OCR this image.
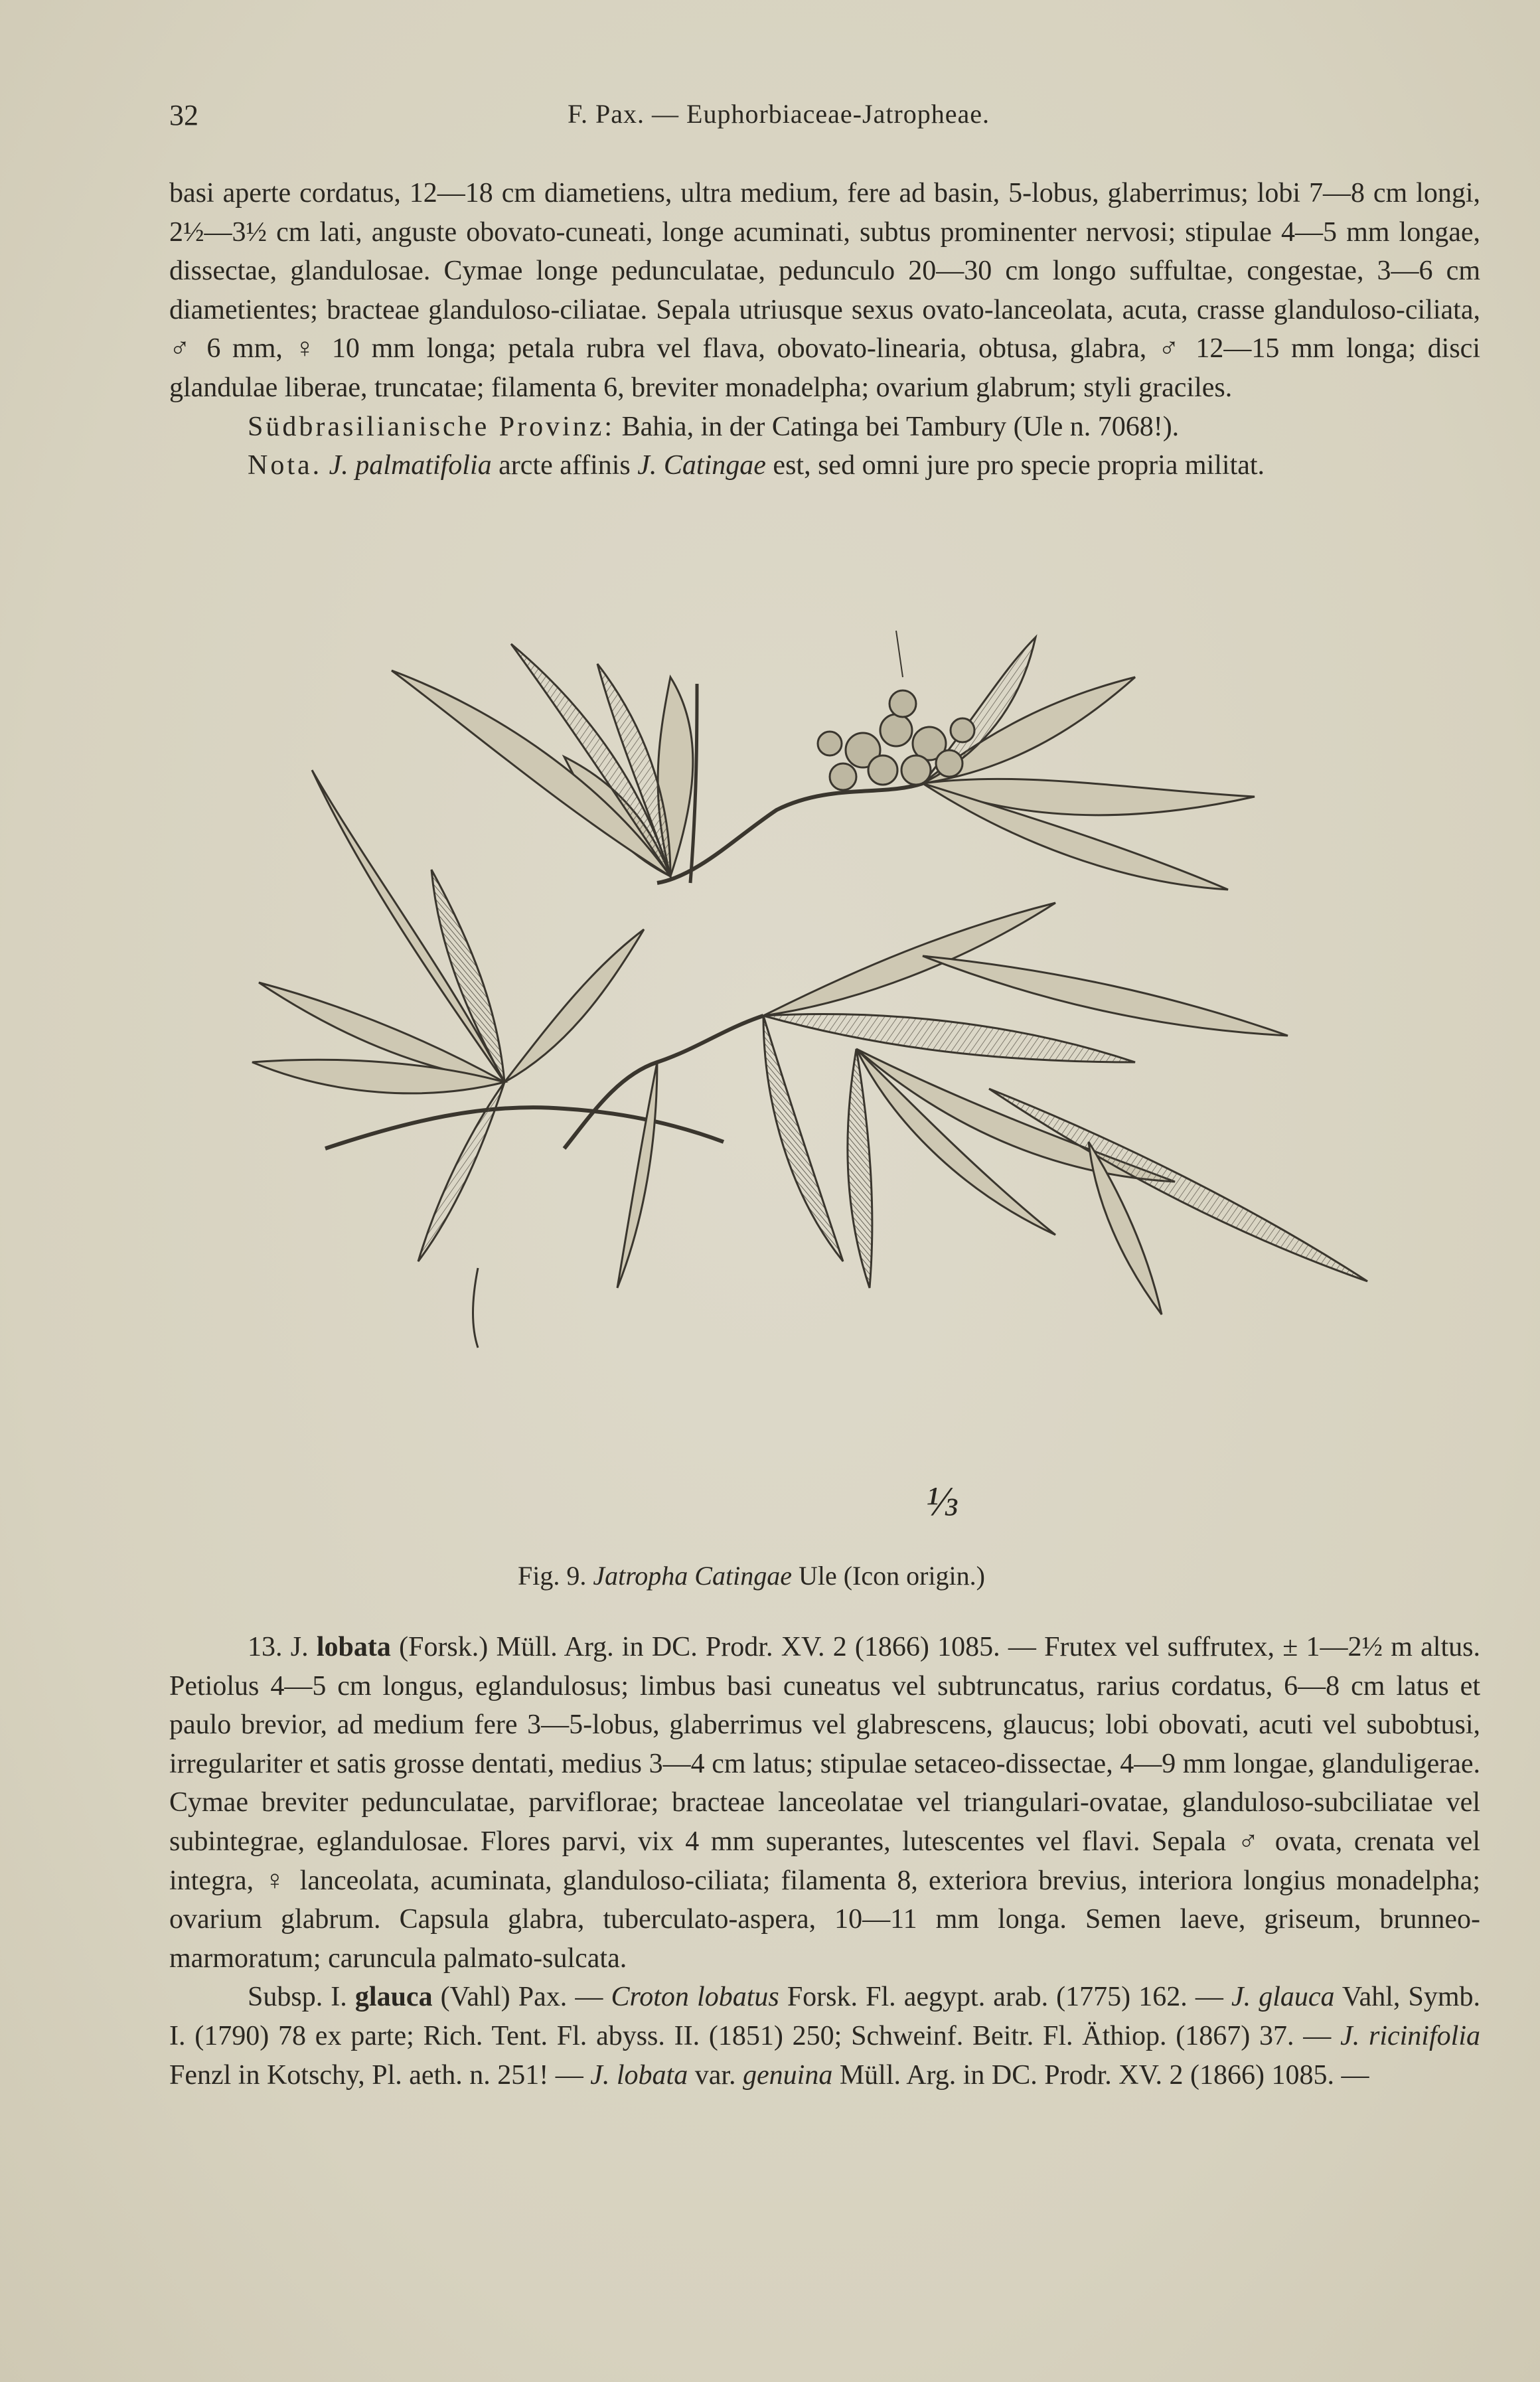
32	F. Pax. — Euphorbiaceae-Jatropheae.

basi aperte cordatus, 12—18 cm diametiens, ultra medium, fere ad basin, 5-lobus, glaberrimus; lobi 7—8 cm longi, 2½—3½ cm lati, anguste obovato-cuneati, longe acuminati, subtus prominenter nervosi; stipulae 4—5 mm longae, dissectae, glandulosae. Cymae longe pedunculatae, pedunculo 20—30 cm longo suffultae, congestae, 3—6 cm diametientes; bracteae glanduloso-ciliatae. Sepala utriusque sexus ovato-lanceolata, acuta, crasse glanduloso-ciliata, ♂ 6 mm, ♀ 10 mm longa; petala rubra vel flava, obovato-linearia, obtusa, glabra, ♂ 12—15 mm longa; disci glandulae liberae, truncatae; filamenta 6, breviter monadelpha; ovarium glabrum; styli graciles.

Südbrasilianische Provinz: Bahia, in der Catinga bei Tambury (Ule n. 7068!).

Nota. J. palmatifolia arcte affinis J. Catingae est, sed omni jure pro specie propria militat.

⅓
Fig. 9. Jatropha Catingae Ule (Icon origin.)

13. J. lobata (Forsk.) Müll. Arg. in DC. Prodr. XV. 2 (1866) 1085. — Frutex vel suffrutex, ± 1—2½ m altus. Petiolus 4—5 cm longus, eglandulosus; limbus basi cuneatus vel subtruncatus, rarius cordatus, 6—8 cm latus et paulo brevior, ad medium fere 3—5-lobus, glaberrimus vel glabrescens, glaucus; lobi obovati, acuti vel subobtusi, irregulariter et satis grosse dentati, medius 3—4 cm latus; stipulae setaceo-dissectae, 4—9 mm longae, glanduligerae. Cymae breviter pedunculatae, parviflorae; bracteae lanceolatae vel triangulari-ovatae, glanduloso-subciliatae vel subintegrae, eglandulosae. Flores parvi, vix 4 mm superantes, lutescentes vel flavi. Sepala ♂ ovata, crenata vel integra, ♀ lanceolata, acuminata, glanduloso-ciliata; filamenta 8, exteriora brevius, interiora longius monadelpha; ovarium glabrum. Capsula glabra, tuberculato-aspera, 10—11 mm longa. Semen laeve, griseum, brunneo-marmoratum; caruncula palmato-sulcata.

Subsp. I. glauca (Vahl) Pax. — Croton lobatus Forsk. Fl. aegypt. arab. (1775) 162. — J. glauca Vahl, Symb. I. (1790) 78 ex parte; Rich. Tent. Fl. abyss. II. (1851) 250; Schweinf. Beitr. Fl. Äthiop. (1867) 37. — J. ricinifolia Fenzl in Kotschy, Pl. aeth. n. 251! — J. lobata var. genuina Müll. Arg. in DC. Prodr. XV. 2 (1866) 1085. —
